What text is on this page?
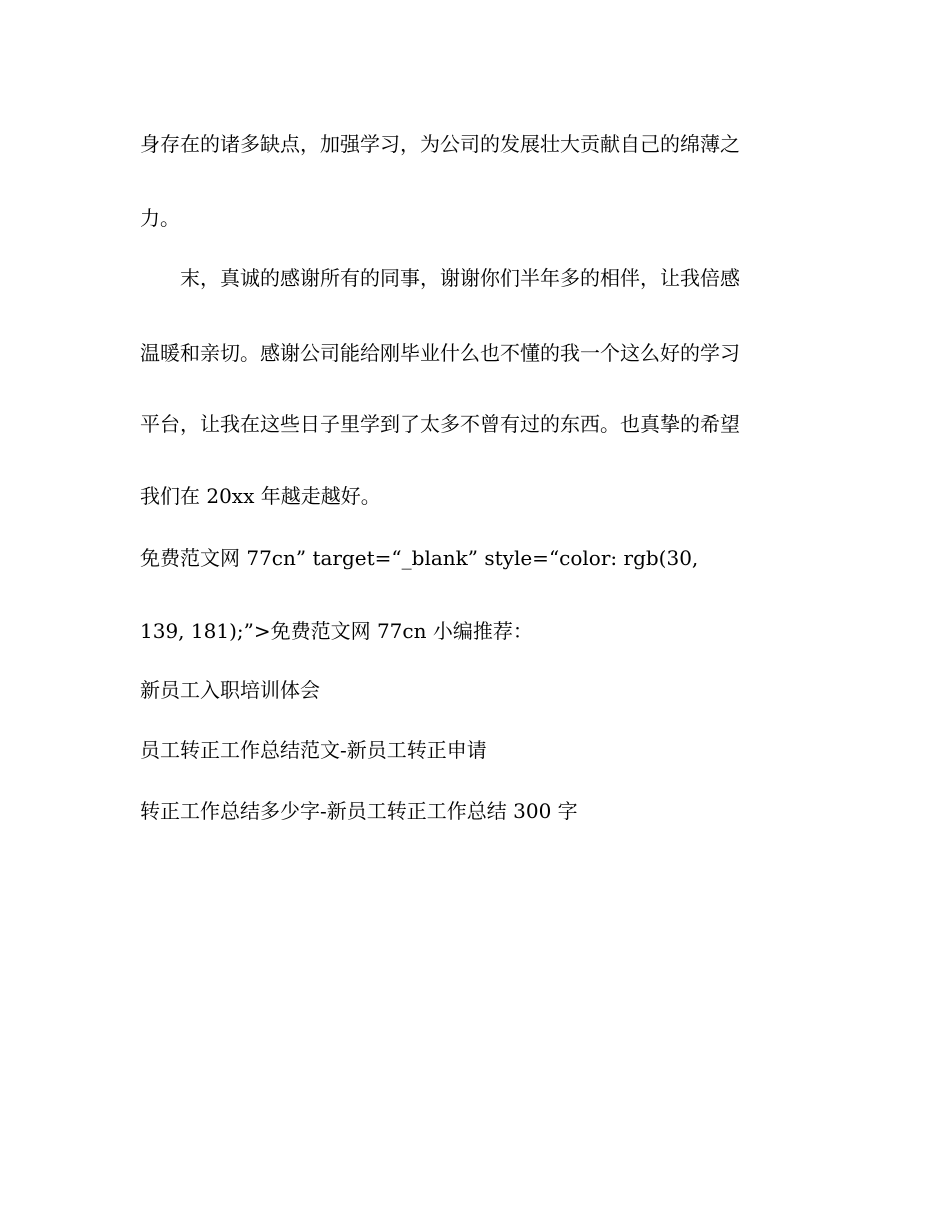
身存在的诸多缺点，加强学习，为公司的发展壮大贡献自己的绵薄之
力。
末，真诚的感谢所有的同事，谢谢你们半年多的相伴，让我倍感
温暖和亲切。感谢公司能给刚毕业什么也不懂的我一个这么好的学习
平台，让我在这些日子里学到了太多不曾有过的东西。也真挚的希望
我们在 20xx 年越走越好。
免费范文网 77cn” target=“_blank” style=“color: rgb(30,
139, 181);”>免费范文网 77cn 小编推荐：
新员工入职培训体会
员工转正工作总结范文-新员工转正申请
转正工作总结多少字-新员工转正工作总结 300 字
